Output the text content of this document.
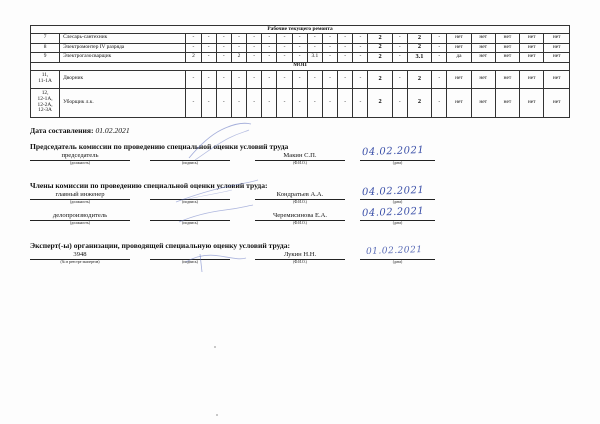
Рабочие текущего ремонта																						
7	Слесарь-сантехник	-	-	-	-	-	-	-	-	-	-	-	-	2	-	2	-	нет	нет	нет	нет	нет
8	Электромонтер IV разряда	-	-	-	-	-	-	-	-	-	-	-	-	2	-	2	-	нет	нет	нет	нет	нет
9	Электрогазосварщик	2	-	-	2	-	-	-	-	3.1	-	-	-	2	-	3.1	-	да	нет	нет	нет	нет
МОП																						
11,
11-1А	Дворник	-	-	-	-	-	-	-	-	-	-	-	-	2	-	2	-	нет	нет	нет	нет	нет
12,
12-1А,
12-2А,
12-3А	Уборщик л.к.	-	-	-	-	-	-	-	-	-	-	-	-	2	-	2	-	нет	нет	нет	нет	нет
Дата составления: 01.02.2021
Председатель комиссии по проведению специальной оценки условий труда
председатель
(должность)	(подпись)
Макин С.П.
(Ф.И.О.)
04.02.2021
(дата)
Члены комиссии по проведению специальной оценки условий труда:
главный инженер
(должность)	(подпись)
Кондратьев А.А.
(Ф.И.О.)
04.02.2021
(дата)
делопроизводитель
(должность)	(подпись)
Черемисинова Е.А.
(Ф.И.О.)
04.02.2021
(дата)
Эксперт(-ы) организации, проводящей специальную оценку условий труда:
3948
(№ в реестре экспертов)	(подпись)
Лукин Н.Н.
(Ф.И.О.)
01.02.2021
(дата)
